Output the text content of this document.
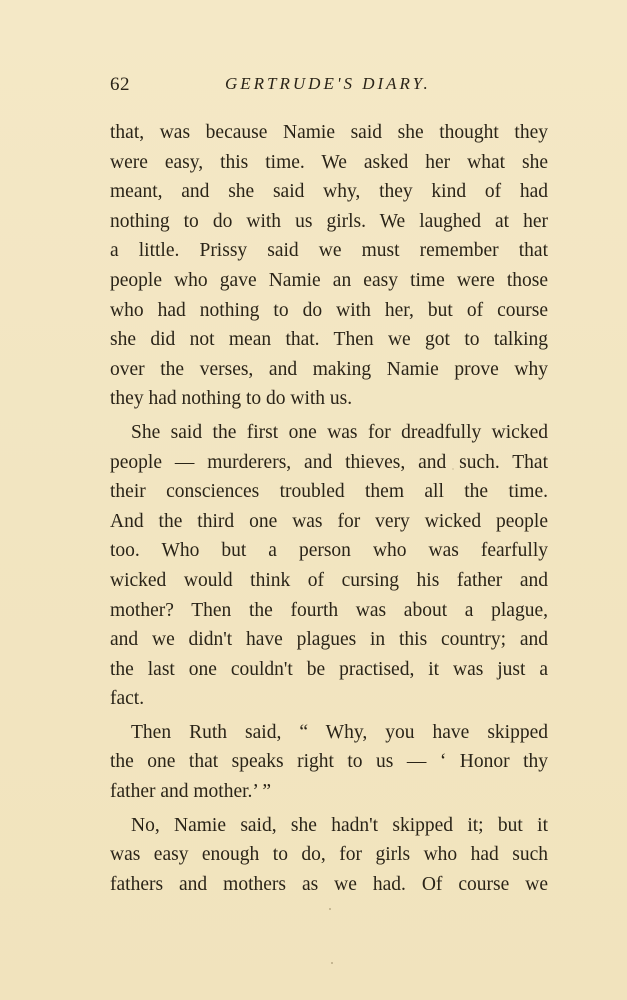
62	GERTRUDE'S DIARY.

that, was because Namie said she thought they

were easy, this time. We asked her what she

meant, and she said why, they kind of had

nothing to do with us girls. We laughed at her

a little. Prissy said we must remember that

people who gave Namie an easy time were those

who had nothing to do with her, but of course

she did not mean that. Then we got to talking

over the verses, and making Namie prove why

they had nothing to do with us.

She said the first one was for dreadfully wicked

people — murderers, and thieves, and such. That

their consciences troubled them all the time.

And the third one was for very wicked people

too. Who but a person who was fearfully

wicked would think of cursing his father and

mother? Then the fourth was about a plague,

and we didn't have plagues in this country; and

the last one couldn't be practised, it was just a

fact.

Then Ruth said, “ Why, you have skipped

the one that speaks right to us — ‘ Honor thy

father and mother.’ ”

No, Namie said, she hadn't skipped it; but it

was easy enough to do, for girls who had such

fathers and mothers as we had. Of course we
